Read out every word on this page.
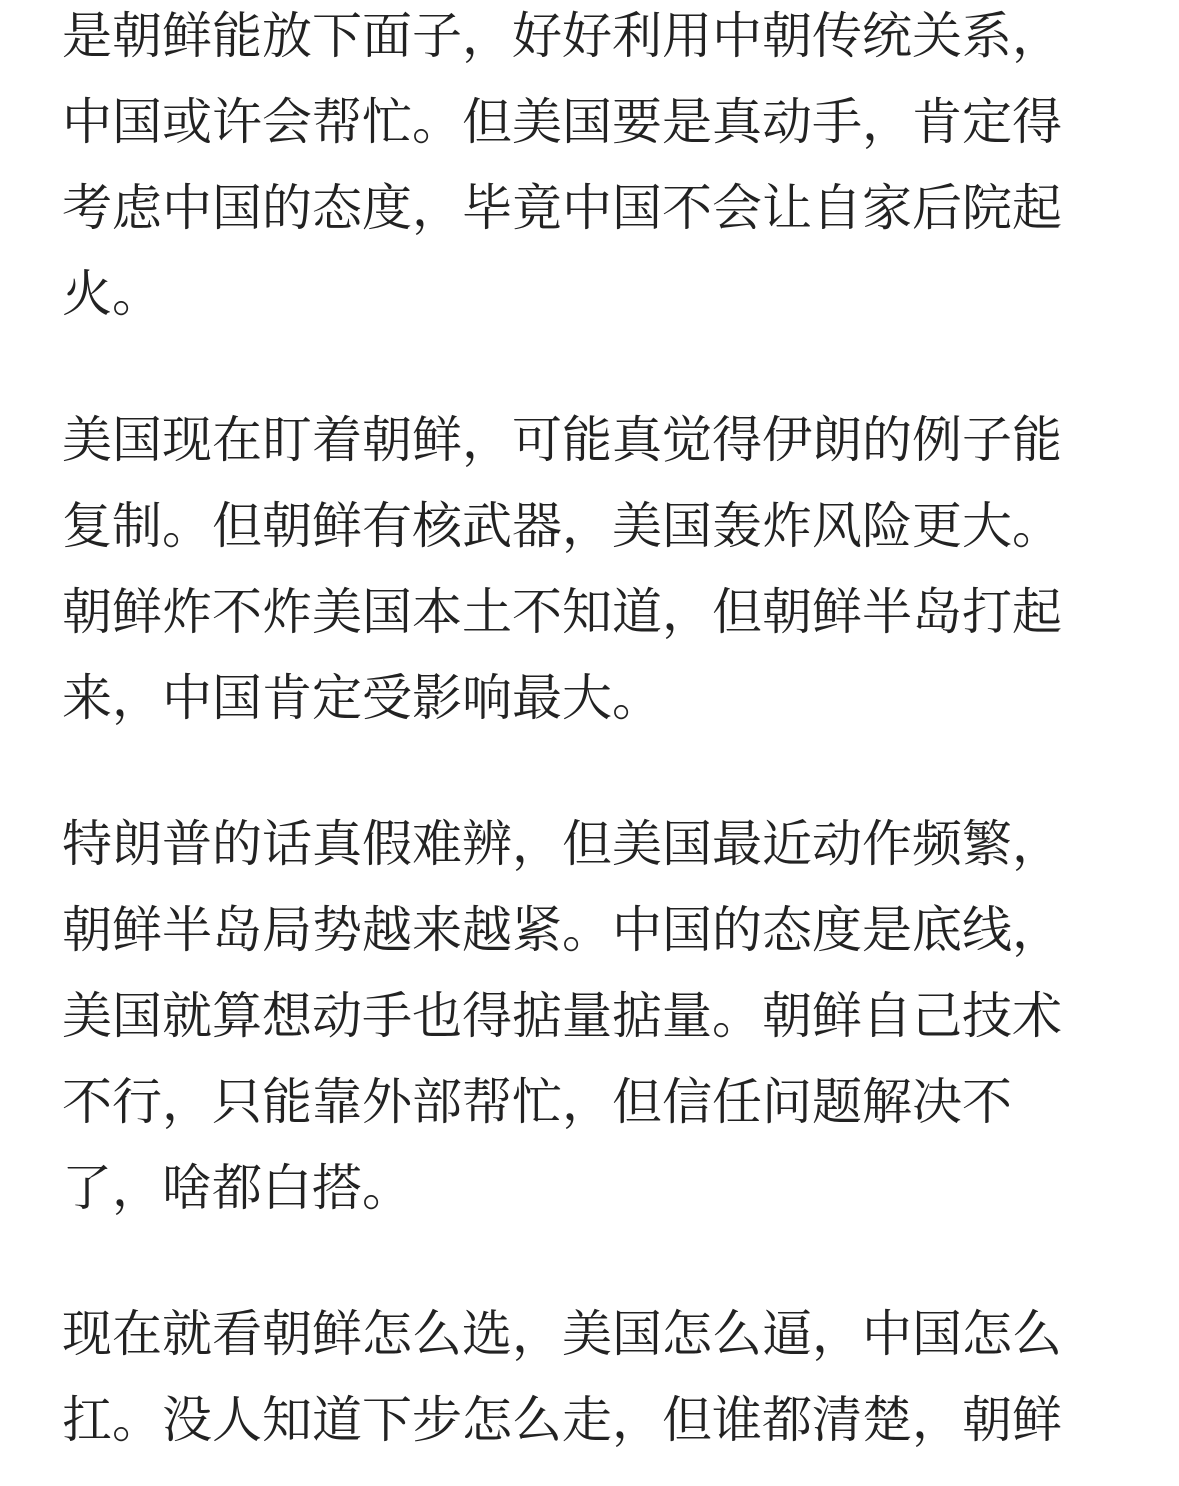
是朝鲜能放下面子，好好利用中朝传统关系，
中国或许会帮忙。但美国要是真动手，肯定得
考虑中国的态度，毕竟中国不会让自家后院起
火。
美国现在盯着朝鲜，可能真觉得伊朗的例子能
复制。但朝鲜有核武器，美国轰炸风险更大。
朝鲜炸不炸美国本土不知道，但朝鲜半岛打起
来，中国肯定受影响最大。
特朗普的话真假难辨，但美国最近动作频繁，
朝鲜半岛局势越来越紧。中国的态度是底线，
美国就算想动手也得掂量掂量。朝鲜自己技术
不行，只能靠外部帮忙，但信任问题解决不
了，啥都白搭。
现在就看朝鲜怎么选，美国怎么逼，中国怎么
扛。没人知道下步怎么走，但谁都清楚，朝鲜
